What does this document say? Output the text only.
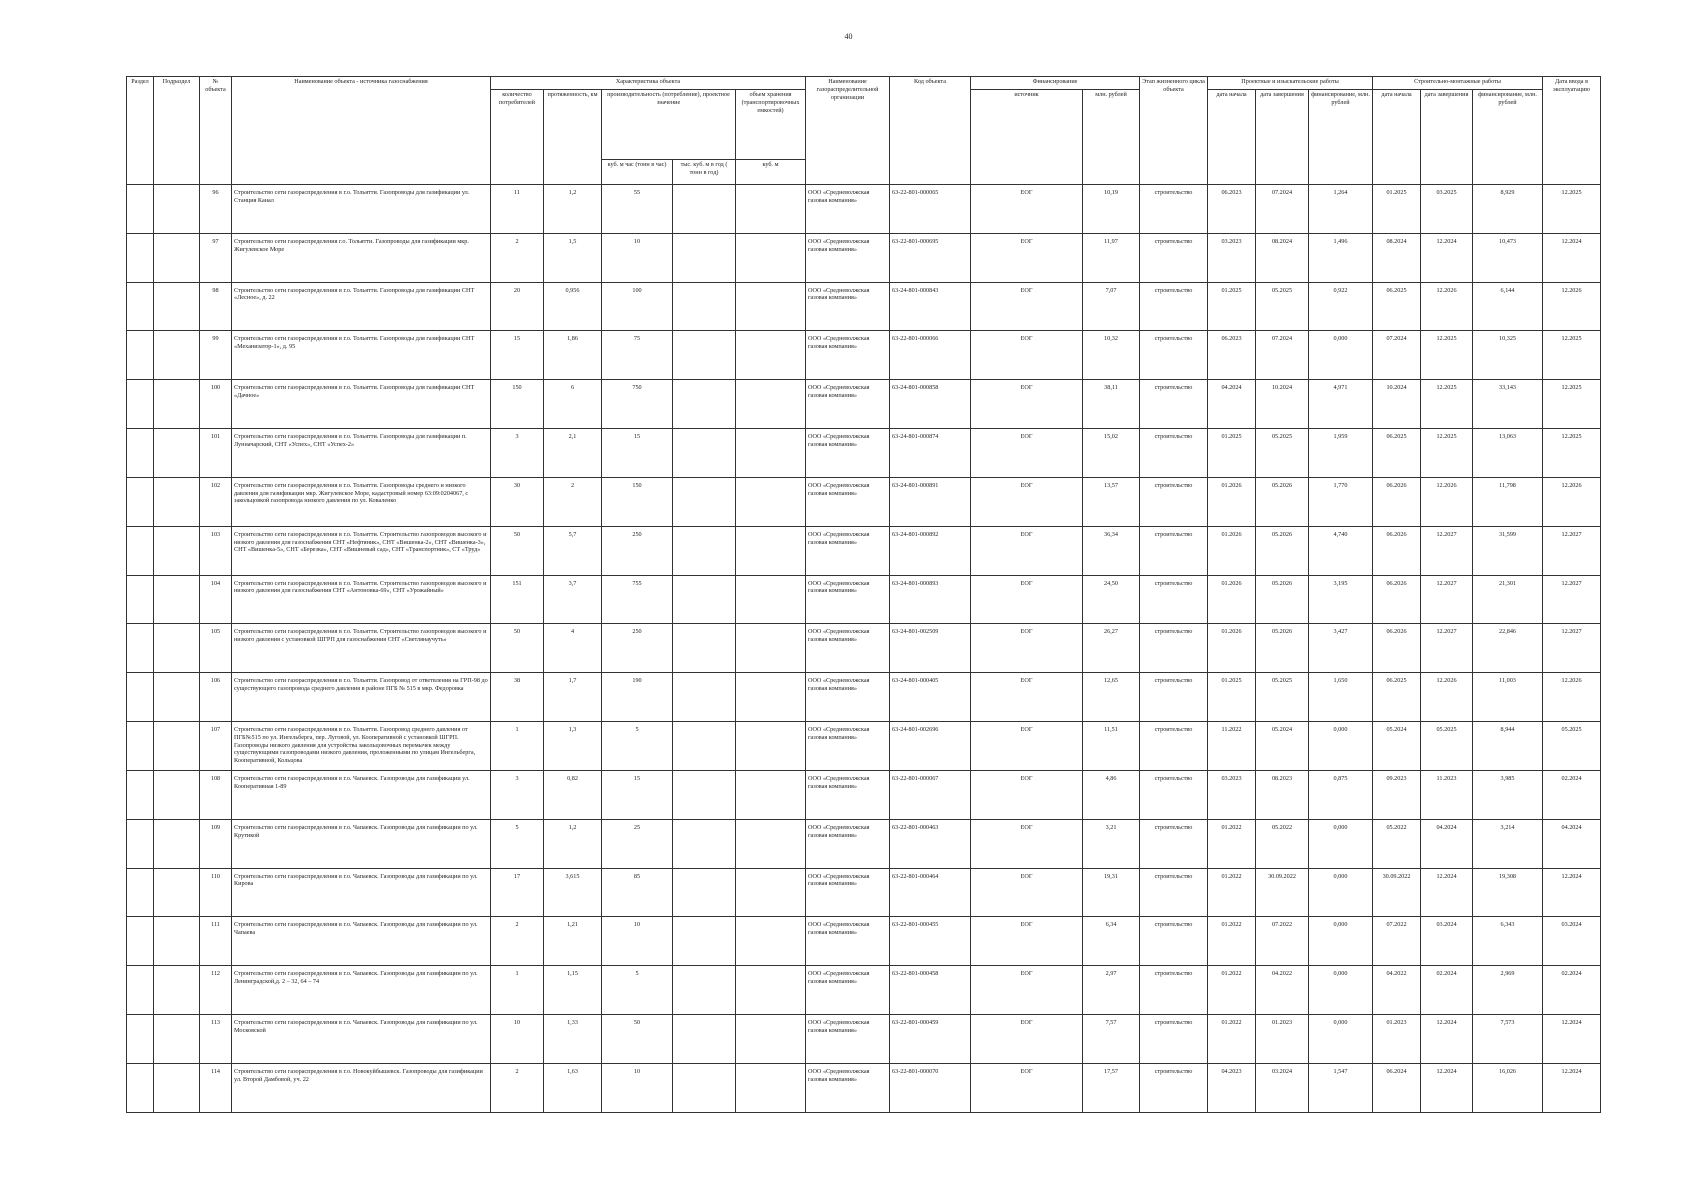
40
Раздел	Подраздел	№ объекта	Наименование объекта - источника газоснабжения	Характеристика объекта					Наименование газораспределительной организации	Код объекта	Финансирование		Этап жизненного цикла объекта	Проектные и изыскательские работы			Строительно-монтажные работы			Дата ввода в эксплуатацию
				количество потребителей	протяженность, км	производительность (потребление), проектное значение		объем хранения (транспортировочных емкостей)			источник	млн. рублей		дата начала	дата завершения	финансирование, млн. рублей	дата начала	дата завершения	финансирование, млн. рублей	
						куб. м час (тонн в час)	тыс. куб. м в год ( тонн в год)	куб. м												
		96	Строительство сети газораспределения в г.о. Тольятти. Газопроводы для газификации ул. Станция Канал	11	1,2	55			ООО «Средневолжская газовая компания»	63-22-801-000065	ЕОГ	10,19	строительство	06.2023	07.2024	1,264	01.2025	03.2025	8,929	12.2025
		97	Строительство сети газораспределения г.о. Тольятти. Газопроводы для газификации мкр. Жигулевское Море	2	1,5	10			ООО «Средневолжская газовая компания»	63-22-801-000695	ЕОГ	11,97	строительство	03.2023	08.2024	1,496	08.2024	12.2024	10,473	12.2024
		98	Строительство сети газораспределения в г.о. Тольятти. Газопроводы для газификации СНТ «Лесное», д. 22	20	0,956	100			ООО «Средневолжская газовая компания»	63-24-801-000843	ЕОГ	7,07	строительство	01.2025	05.2025	0,922	06.2025	12.2026	6,144	12.2026
		99	Строительство сети газораспределения в г.о. Тольятти. Газопроводы для газификации СНТ «Механизатор-1», д. 95	15	1,86	75			ООО «Средневолжская газовая компания»	63-22-801-000066	ЕОГ	10,32	строительство	06.2023	07.2024	0,000	07.2024	12.2025	10,325	12.2025
		100	Строительство сети газораспределения в г.о. Тольятти. Газопроводы для газификации СНТ «Дачное»	150	6	750			ООО «Средневолжская газовая компания»	63-24-801-000858	ЕОГ	38,11	строительство	04.2024	10.2024	4,971	10.2024	12.2025	33,143	12.2025
		101	Строительство сети газораспределения в г.о. Тольятти. Газопроводы для газификации п. Лунначарский, СНТ «Успех», СНТ «Успех-2»	3	2,1	15			ООО «Средневолжская газовая компания»	63-24-801-000874	ЕОГ	15,02	строительство	01.2025	05.2025	1,959	06.2025	12.2025	13,063	12.2025
		102	Строительство сети газораспределения в г.о. Тольятти. Газопроводы среднего и низкого давления для газификации мкр. Жигулевское Море, кадастровый номер 63:09:0204067, с закольцовкой газопровода низкого давления по ул. Коваленко	30	2	150			ООО «Средневолжская газовая компания»	63-24-801-000891	ЕОГ	13,57	строительство	01.2026	05.2026	1,770	06.2026	12.2026	11,798	12.2026
		103	Строительство сети газораспределения в г.о. Тольятти. Строительство газопроводов высокого и низкого давления для газоснабжения СНТ «Нефтяник», СНТ «Вишенка-2», СНТ «Вишенка-3», СНТ «Вишенка-5», СНТ «Березка», СНТ «Вишневый сад», СНТ «Транспортник», СТ «Труд»	50	5,7	250			ООО «Средневолжская газовая компания»	63-24-801-000892	ЕОГ	36,34	строительство	01.2026	05.2026	4,740	06.2026	12.2027	31,599	12.2027
		104	Строительство сети газораспределения в г.о. Тольятти. Строительство газопроводов высокого и низкого давления для газоснабжения СНТ «Антоновка-69», СНТ «Урожайный»	151	3,7	755			ООО «Средневолжская газовая компания»	63-24-801-000893	ЕОГ	24,50	строительство	01.2026	05.2026	3,195	06.2026	12.2027	21,301	12.2027
		105	Строительство сети газораспределения в г.о. Тольятти. Строительство газопроводов высокого и низкого давления с установкой ШГРП для газоснабжения СНТ «Светлянаучуть»	50	4	250			ООО «Средневолжская газовая компания»	63-24-801-002509	ЕОГ	26,27	строительство	01.2026	05.2026	3,427	06.2026	12.2027	22,846	12.2027
		106	Строительство сети газораспределения в г.о. Тольятти. Газопровод от ответвления на ГРП-98 до существующего газопровода среднего давления в районе ПГБ № 515 в мкр. Федоровка	38	1,7	190			ООО «Средневолжская газовая компания»	63-24-801-000405	ЕОГ	12,65	строительство	01.2025	05.2025	1,650	06.2025	12.2026	11,003	12.2026
		107	Строительство сети газораспределения в г.о. Тольятти. Газопровод среднего давления от ПГБ№515 по ул. Ингельберга, пер. Луговой, ул. Кооперативной с установкой ШГРП. Газопроводы низкого давления для устройства закольцовочных перемычек между существующими газопроводами низкого давления, проложенными по улицам Ингельберга, Кооперативной, Кольцова	1	1,3	5			ООО «Средневолжская газовая компания»	63-24-801-002696	ЕОГ	11,51	строительство	11.2022	05.2024	0,000	05.2024	05.2025	8,944	05.2025
		108	Строительство сети газораспределения в г.о. Чапаевск. Газопроводы для газификации ул. Кооперативная 1-89	3	0,82	15			ООО «Средневолжская газовая компания»	63-22-801-000067	ЕОГ	4,86	строительство	03.2023	08.2023	0,875	09.2023	11.2023	3,985	02.2024
		109	Строительство сети газораспределения в г.о. Чапаевск. Газопроводы для газификации по ул. Крутикой	5	1,2	25			ООО «Средневолжская газовая компания»	63-22-801-000463	ЕОГ	3,21	строительство	01.2022	05.2022	0,000	05.2022	04.2024	3,214	04.2024
		110	Строительство сети газораспределения в г.о. Чапаевск. Газопроводы для газификации по ул. Кирова	17	3,615	85			ООО «Средневолжская газовая компания»	63-22-801-000464	ЕОГ	19,31	строительство	01.2022	30.09.2022	0,000	30.09.2022	12.2024	19,308	12.2024
		111	Строительство сети газораспределения в г.о. Чапаевск. Газопроводы для газификации по ул. Чапаева	2	1,21	10			ООО «Средневолжская газовая компания»	63-22-801-000455	ЕОГ	6,34	строительство	01.2022	07.2022	0,000	07.2022	03.2024	6,343	03.2024
		112	Строительство сети газораспределения в г.о. Чапаевск. Газопроводы для газификации по ул. Ленинградской,д. 2 – 32, 64 – 74	1	1,15	5			ООО «Средневолжская газовая компания»	63-22-801-000458	ЕОГ	2,97	строительство	01.2022	04.2022	0,000	04.2022	02.2024	2,969	02.2024
		113	Строительство сети газораспределения в г.о. Чапаевск. Газопроводы для газификации по ул. Московской	10	1,33	50			ООО «Средневолжская газовая компания»	63-22-801-000459	ЕОГ	7,57	строительство	01.2022	01.2023	0,000	01.2023	12.2024	7,573	12.2024
		114	Строительство сети газораспределения в г.о. Новокуйбышевск. Газопроводы для газификации ул. Второй Дамбовой, уч. 22	2	1,63	10			ООО «Средневолжская газовая компания»	63-22-801-000070	ЕОГ	17,57	строительство	04.2023	03.2024	1,547	06.2024	12.2024	16,026	12.2024
